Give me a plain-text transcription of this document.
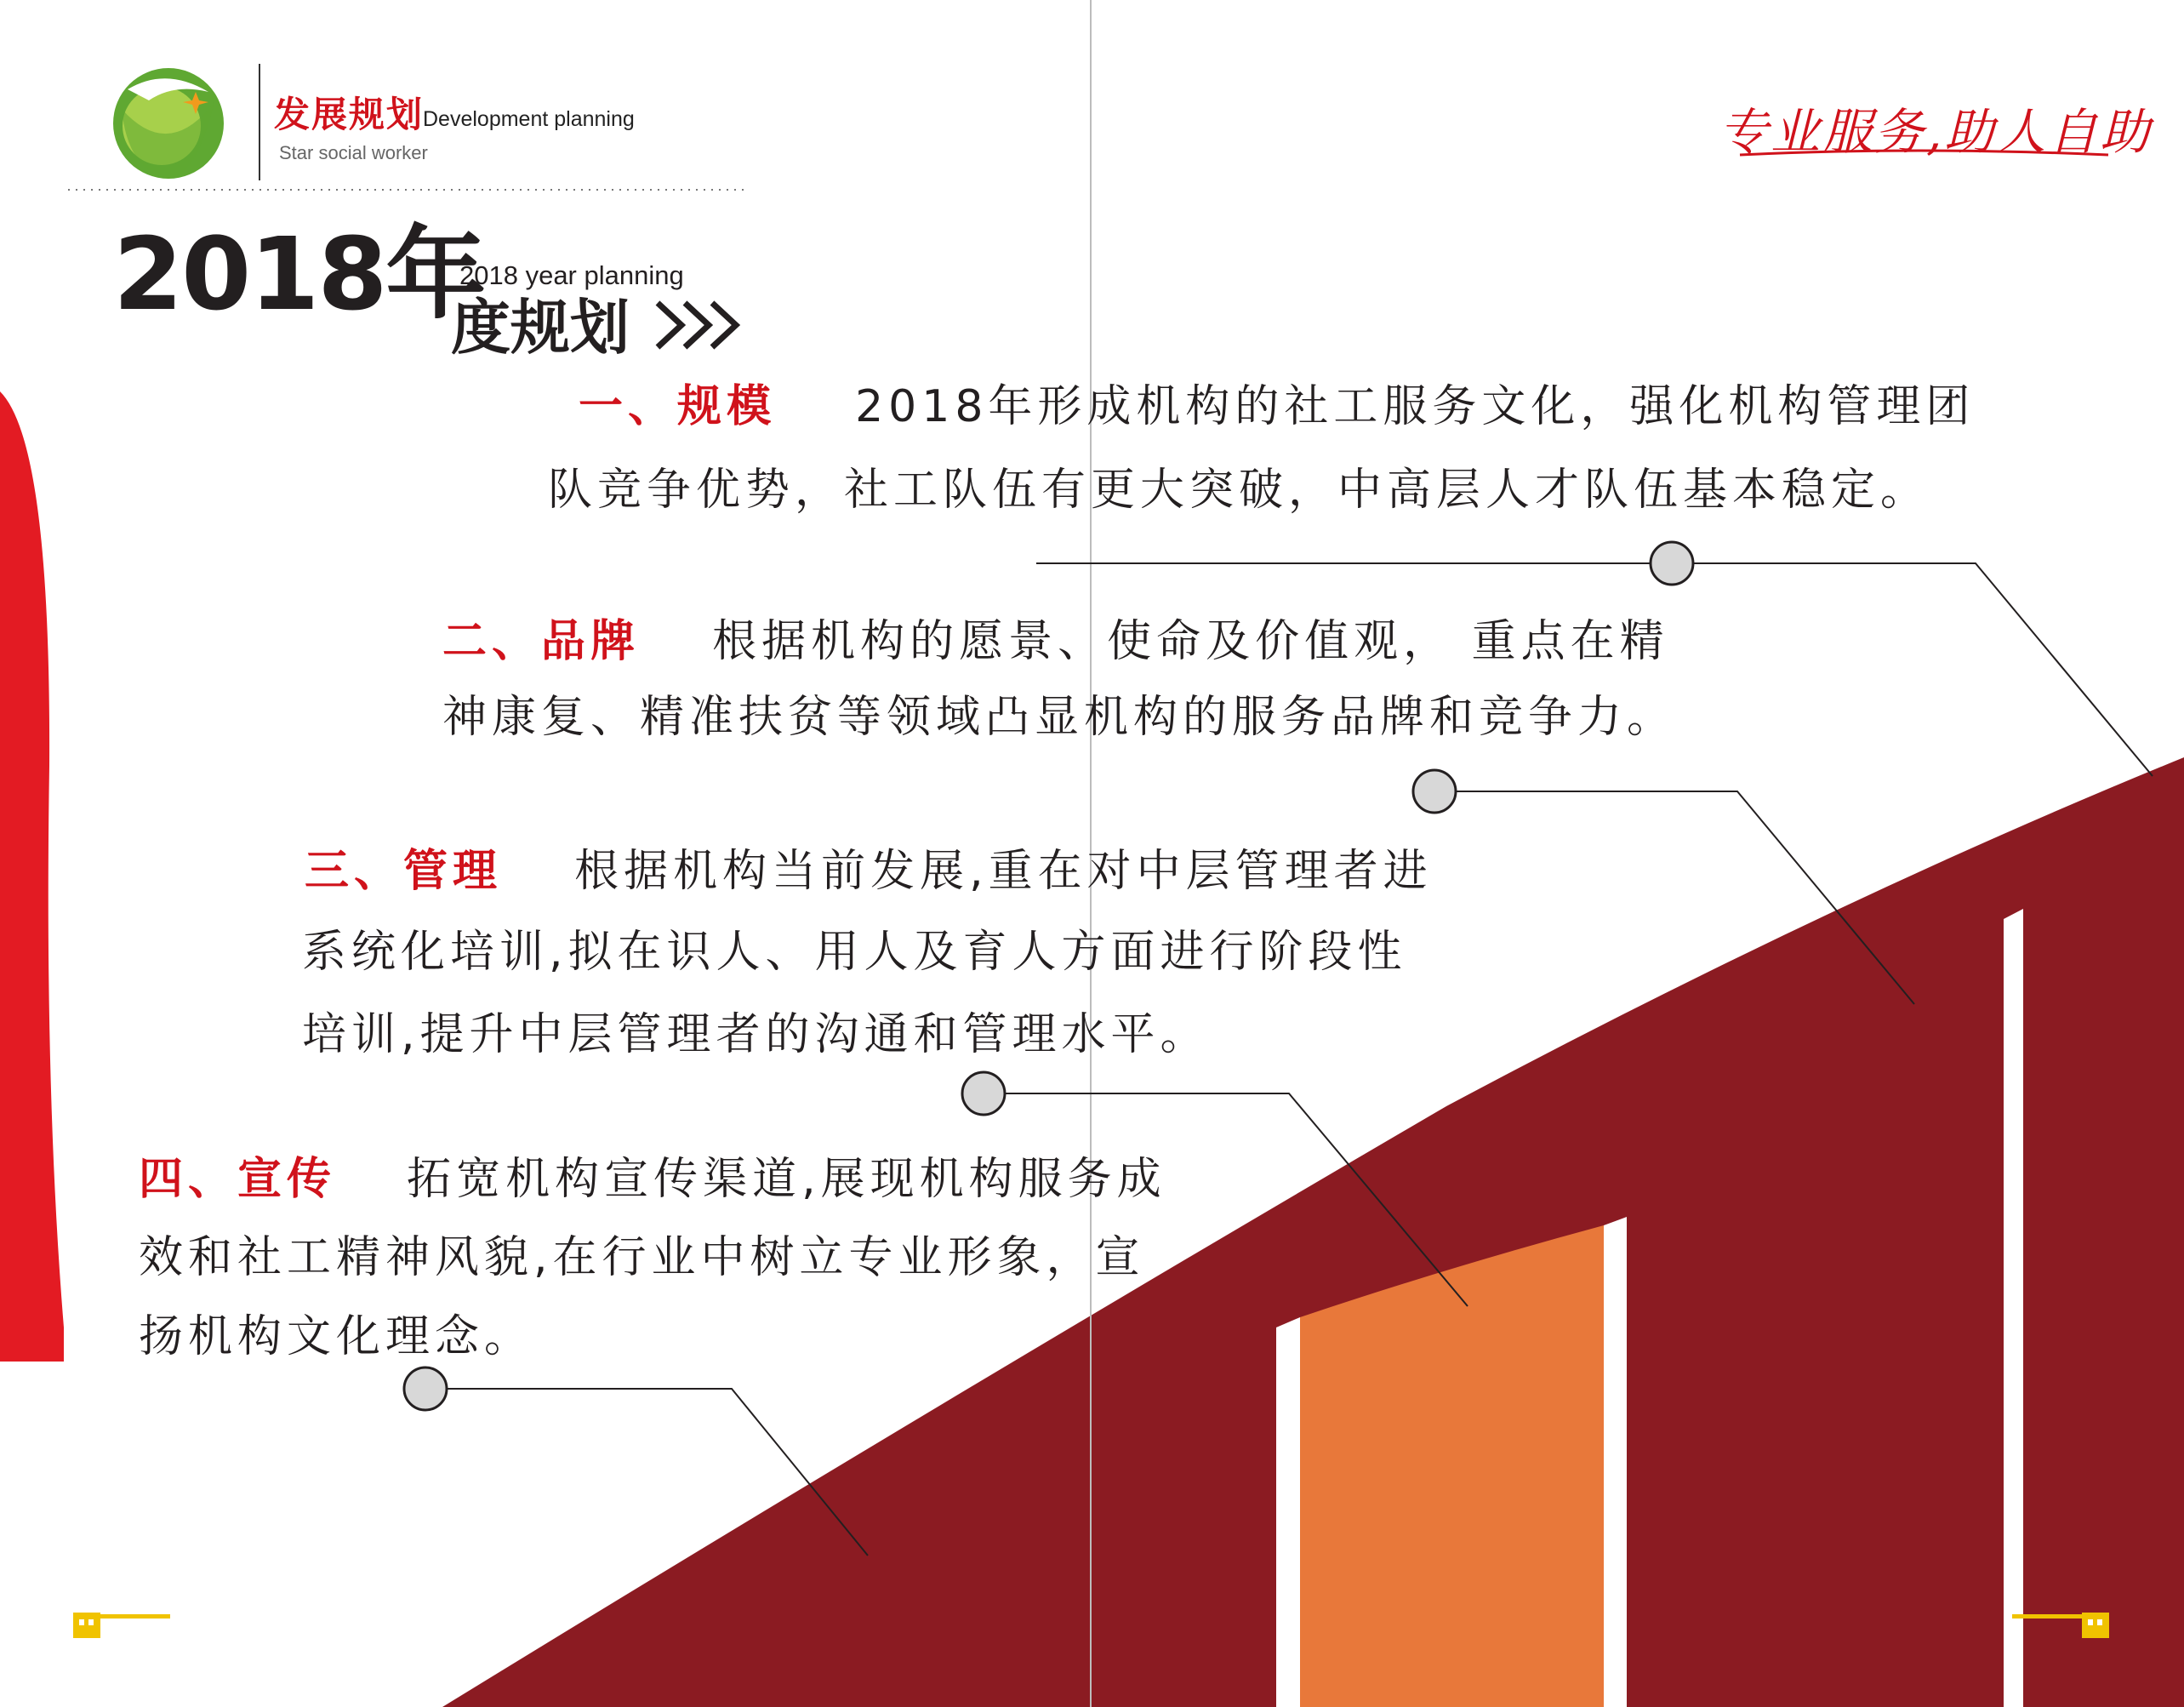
发展规划
Development planning
Star social worker	专业服务,助人自助
2018年
2018 year planning
度规划
一、规模 2018年形成机构的社工服务文化，强化机构管理团
队竞争优势，社工队伍有更大突破，中高层人才队伍基本稳定。
二、品牌 根据机构的愿景、使命及价值观， 重点在精
神康复、精准扶贫等领域凸显机构的服务品牌和竞争力。
三、管理 根据机构当前发展,重在对中层管理者进
系统化培训,拟在识人、用人及育人方面进行阶段性
培训,提升中层管理者的沟通和管理水平。
四、宣传 拓宽机构宣传渠道,展现机构服务成
效和社工精神风貌,在行业中树立专业形象，宣
扬机构文化理念。
